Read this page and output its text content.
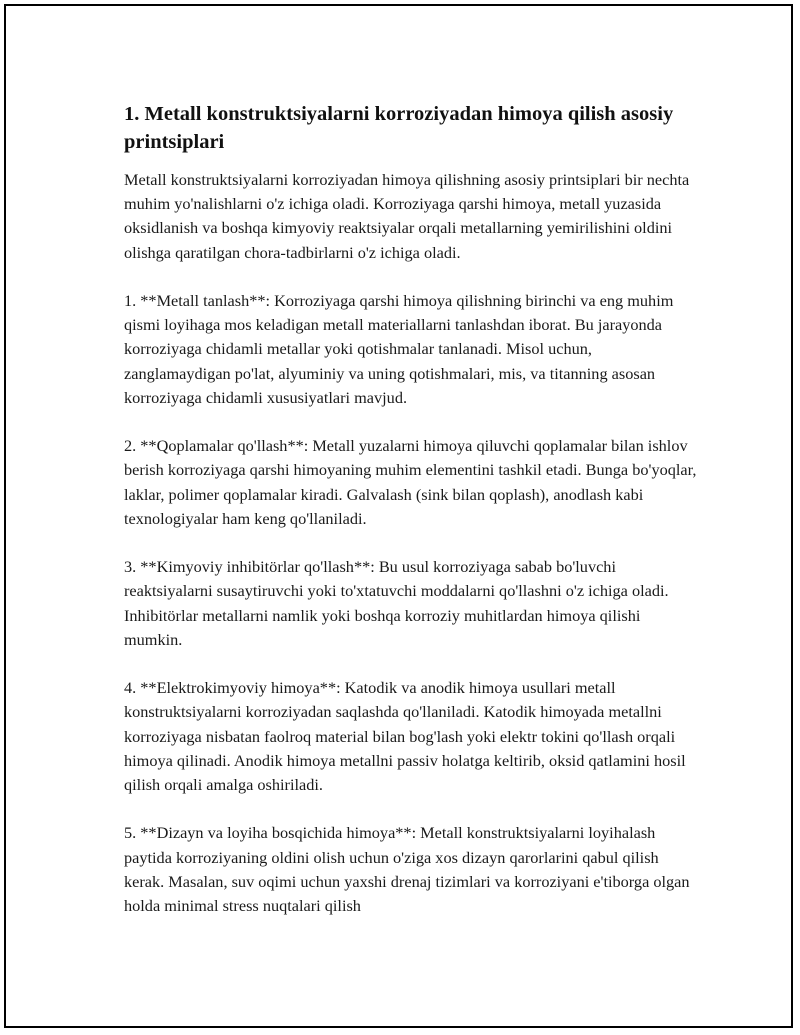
1. Metall konstruktsiyalarni korroziyadan himoya qilish asosiy printsiplari

Metall konstruktsiyalarni korroziyadan himoya qilishning asosiy printsiplari bir nechta muhim yo'nalishlarni o'z ichiga oladi. Korroziyaga qarshi himoya, metall yuzasida oksidlanish va boshqa kimyoviy reaktsiyalar orqali metallarning yemirilishini oldini olishga qaratilgan chora-tadbirlarni o'z ichiga oladi.

1. **Metall tanlash**: Korroziyaga qarshi himoya qilishning birinchi va eng muhim qismi loyihaga mos keladigan metall materiallarni tanlashdan iborat. Bu jarayonda korroziyaga chidamli metallar yoki qotishmalar tanlanadi. Misol uchun, zanglamaydigan po'lat, alyuminiy va uning qotishmalari, mis, va titanning asosan korroziyaga chidamli xususiyatlari mavjud.

2. **Qoplamalar qo'llash**: Metall yuzalarni himoya qiluvchi qoplamalar bilan ishlov berish korroziyaga qarshi himoyaning muhim elementini tashkil etadi. Bunga bo'yoqlar, laklar, polimer qoplamalar kiradi. Galvalash (sink bilan qoplash), anodlash kabi texnologiyalar ham keng qo'llaniladi.

3. **Kimyoviy inhibitörlar qo'llash**: Bu usul korroziyaga sabab bo'luvchi reaktsiyalarni susaytiruvchi yoki to'xtatuvchi moddalarni qo'llashni o'z ichiga oladi. Inhibitörlar metallarni namlik yoki boshqa korroziy muhitlardan himoya qilishi mumkin.

4. **Elektrokimyoviy himoya**: Katodik va anodik himoya usullari metall konstruktsiyalarni korroziyadan saqlashda qo'llaniladi. Katodik himoyada metallni korroziyaga nisbatan faolroq material bilan bog'lash yoki elektr tokini qo'llash orqali himoya qilinadi. Anodik himoya metallni passiv holatga keltirib, oksid qatlamini hosil qilish orqali amalga oshiriladi.

5. **Dizayn va loyiha bosqichida himoya**: Metall konstruktsiyalarni loyihalash paytida korroziyaning oldini olish uchun o'ziga xos dizayn qarorlarini qabul qilish kerak. Masalan, suv oqimi uchun yaxshi drenaj tizimlari va korroziyani e'tiborga olgan holda minimal stress nuqtalari qilish
